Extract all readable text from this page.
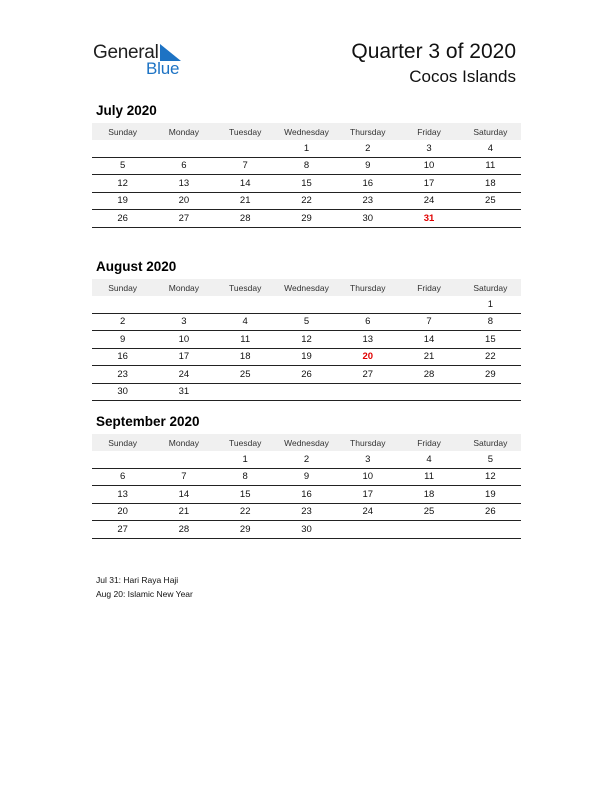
General
Blue
Quarter 3 of 2020
Cocos Islands
July 2020
Sunday	Monday	Tuesday	Wednesday	Thursday	Friday	Saturday
			1	2	3	4
5	6	7	8	9	10	11
12	13	14	15	16	17	18
19	20	21	22	23	24	25
26	27	28	29	30	31	
August 2020
Sunday	Monday	Tuesday	Wednesday	Thursday	Friday	Saturday
						1
2	3	4	5	6	7	8
9	10	11	12	13	14	15
16	17	18	19	20	21	22
23	24	25	26	27	28	29
30	31					
September 2020
Sunday	Monday	Tuesday	Wednesday	Thursday	Friday	Saturday
		1	2	3	4	5
6	7	8	9	10	11	12
13	14	15	16	17	18	19
20	21	22	23	24	25	26
27	28	29	30			
Jul 31: Hari Raya Haji
Aug 20: Islamic New Year
